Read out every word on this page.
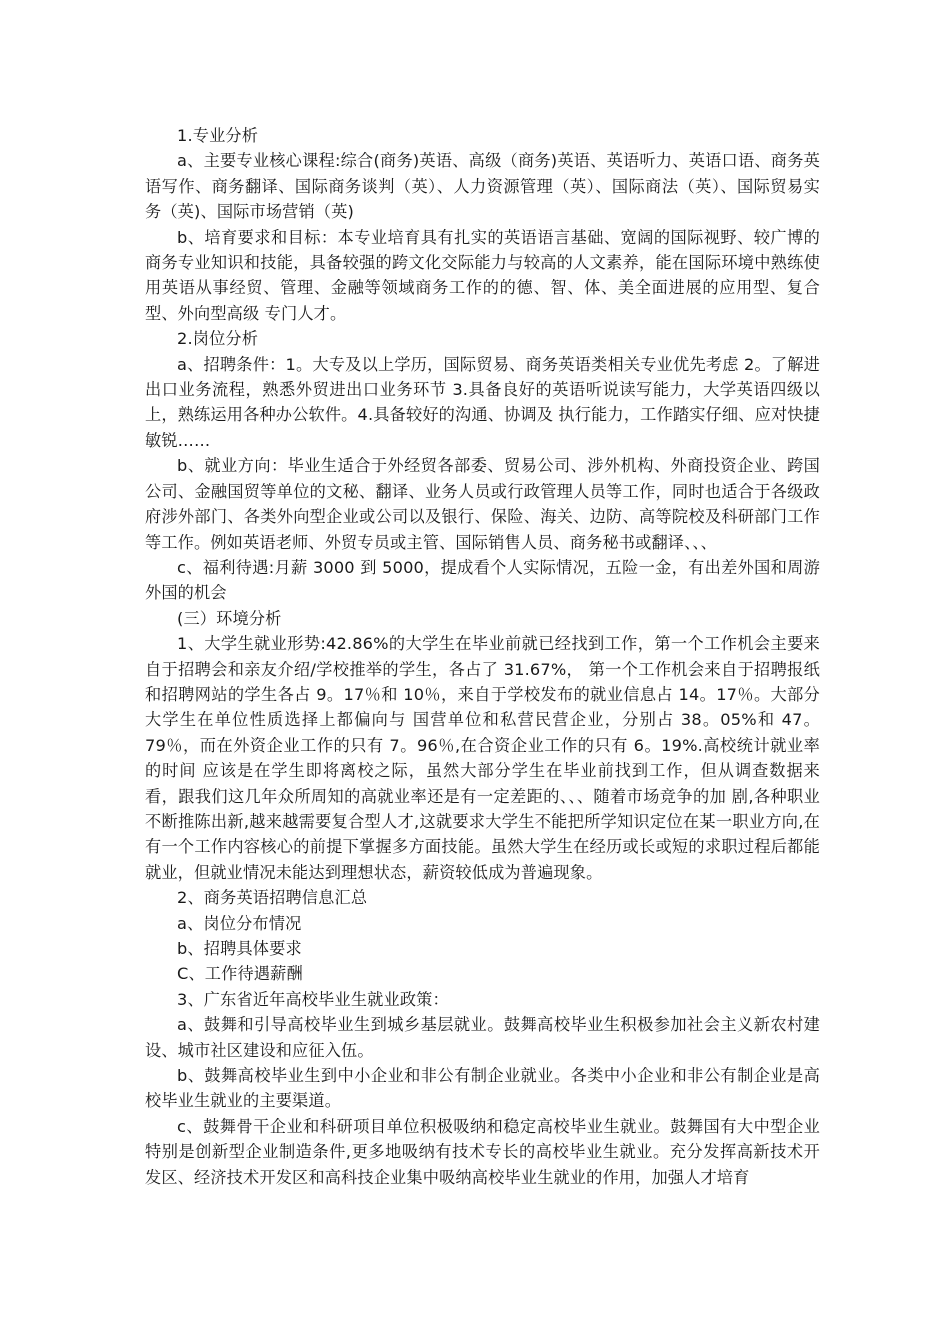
1.专业分析

a、主要专业核心课程:综合(商务)英语、高级（商务)英语、英语听力、英语口语、商务英语写作、商务翻译、国际商务谈判（英）、人力资源管理（英）、国际商法（英）、国际贸易实务（英)、国际市场营销（英)

b、培育要求和目标：本专业培育具有扎实的英语语言基础、宽阔的国际视野、较广博的商务专业知识和技能，具备较强的跨文化交际能力与较高的人文素养，能在国际环境中熟练使用英语从事经贸、管理、金融等领域商务工作的的德、智、体、美全面进展的应用型、复合型、外向型高级 专门人才。

2.岗位分析

a、招聘条件：1。大专及以上学历，国际贸易、商务英语类相关专业优先考虑 2。了解进出口业务流程，熟悉外贸进出口业务环节 3.具备良好的英语听说读写能力，大学英语四级以上，熟练运用各种办公软件。4.具备较好的沟通、协调及 执行能力，工作踏实仔细、应对快捷敏锐……

b、就业方向：毕业生适合于外经贸各部委、贸易公司、涉外机构、外商投资企业、跨国公司、金融国贸等单位的文秘、翻译、业务人员或行政管理人员等工作，同时也适合于各级政府涉外部门、各类外向型企业或公司以及银行、保险、海关、边防、高等院校及科研部门工作等工作。例如英语老师、外贸专员或主管、国际销售人员、商务秘书或翻译、、、

c、福利待遇:月薪 3000 到 5000，提成看个人实际情况，五险一金，有出差外国和周游外国的机会

(三）环境分析

1、大学生就业形势:42.86%的大学生在毕业前就已经找到工作，第一个工作机会主要来自于招聘会和亲友介绍/学校推举的学生，各占了 31.67%， 第一个工作机会来自于招聘报纸和招聘网站的学生各占 9。17％和 10％，来自于学校发布的就业信息占 14。17％。大部分大学生在单位性质选择上都偏向与 国营单位和私营民营企业，分别占 38。05%和 47。79％，而在外资企业工作的只有 7。96％,在合资企业工作的只有 6。19%.高校统计就业率的时间 应该是在学生即将离校之际，虽然大部分学生在毕业前找到工作，但从调查数据来看，跟我们这几年众所周知的高就业率还是有一定差距的、、、随着市场竞争的加 剧,各种职业不断推陈出新,越来越需要复合型人才,这就要求大学生不能把所学知识定位在某一职业方向,在有一个工作内容核心的前提下掌握多方面技能。虽然大学生在经历或长或短的求职过程后都能就业，但就业情况未能达到理想状态，薪资较低成为普遍现象。

2、商务英语招聘信息汇总

a、岗位分布情况

b、招聘具体要求

C、工作待遇薪酬

3、广东省近年高校毕业生就业政策：

a、鼓舞和引导高校毕业生到城乡基层就业。鼓舞高校毕业生积极参加社会主义新农村建设、城市社区建设和应征入伍。

b、鼓舞高校毕业生到中小企业和非公有制企业就业。各类中小企业和非公有制企业是高校毕业生就业的主要渠道。

c、鼓舞骨干企业和科研项目单位积极吸纳和稳定高校毕业生就业。鼓舞国有大中型企业特别是创新型企业制造条件,更多地吸纳有技术专长的高校毕业生就业。充分发挥高新技术开发区、经济技术开发区和高科技企业集中吸纳高校毕业生就业的作用，加强人才培育
